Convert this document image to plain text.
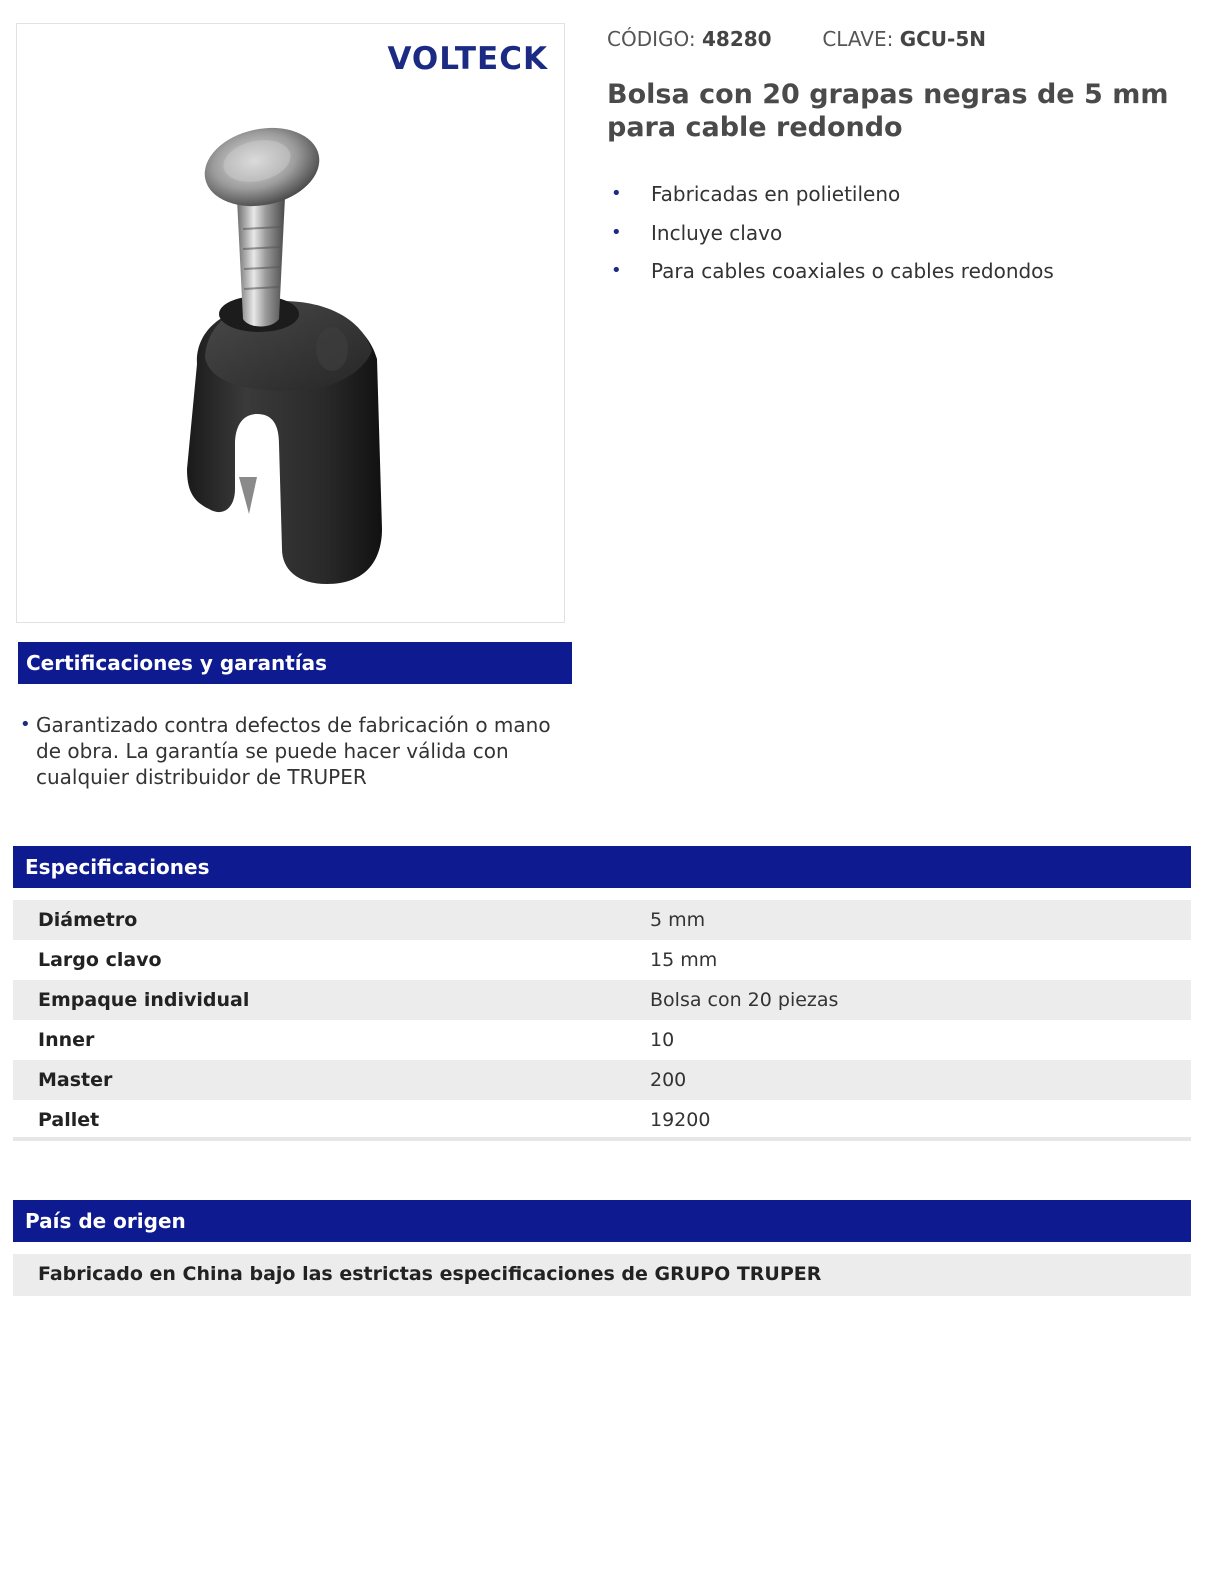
VOLTECK
CÓDIGO: 48280	CLAVE: GCU-5N
Bolsa con 20 grapas negras de 5 mm para cable redondo
• Fabricadas en polietileno
• Incluye clavo
• Para cables coaxiales o cables redondos
Certificaciones y garantías
• Garantizado contra defectos de fabricación o mano de obra. La garantía se puede hacer válida con cualquier distribuidor de TRUPER
Especificaciones
Diámetro	5 mm
Largo clavo	15 mm
Empaque individual	Bolsa con 20 piezas
Inner	10
Master	200
Pallet	19200
País de origen
Fabricado en China bajo las estrictas especificaciones de GRUPO TRUPER
